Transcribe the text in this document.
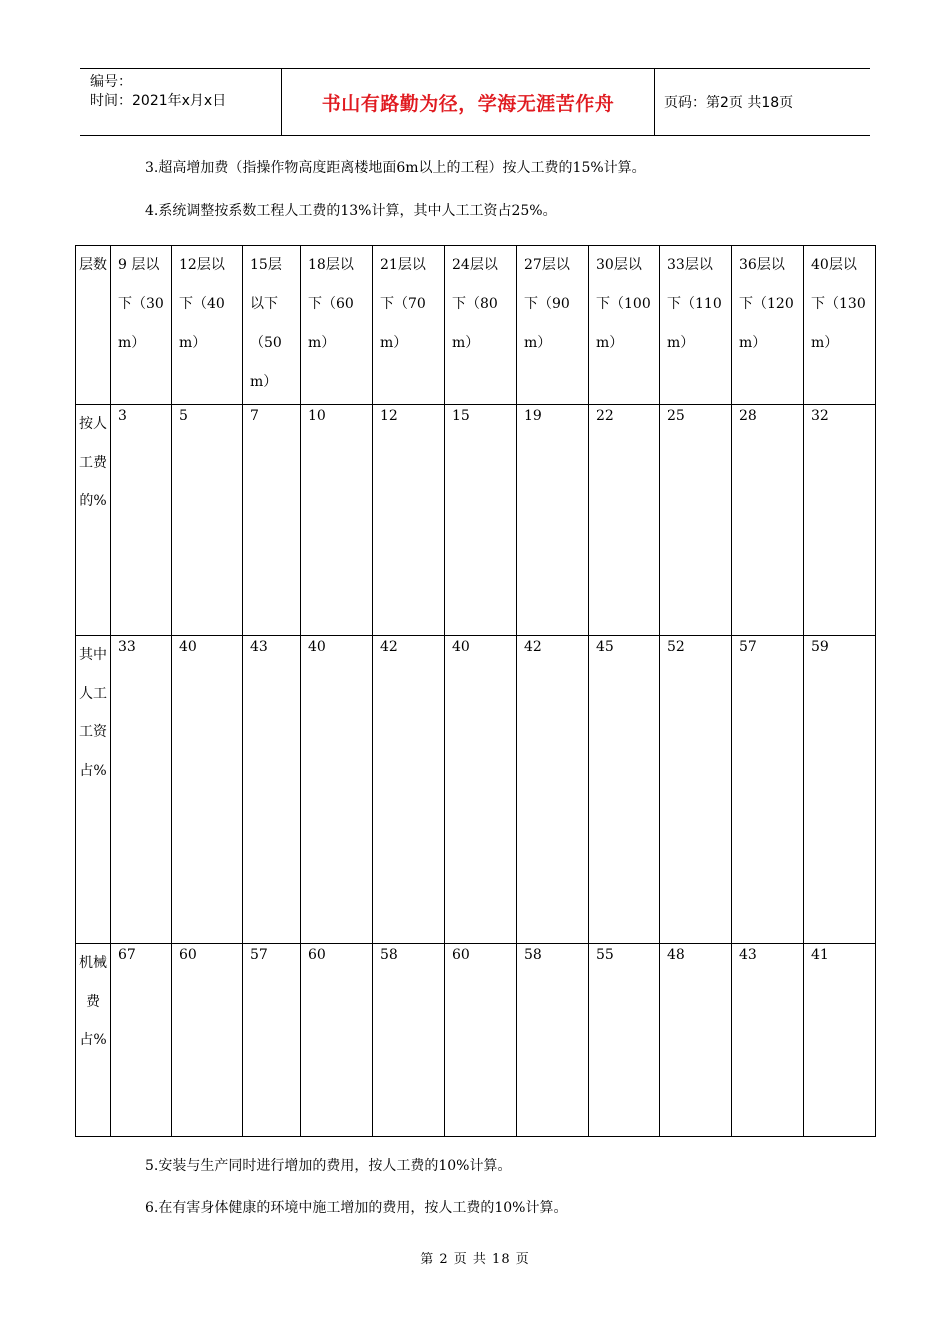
编号：
时间：2021年x月x日	书山有路勤为径，学海无涯苦作舟	页码：第2页 共18页
3.超高增加费（指操作物高度距离楼地面6m以上的工程）按人工费的15%计算。
4.系统调整按系数工程人工费的13%计算，其中人工工资占25%。
层数	9 层以下（30m）	12层以下（40m）	15层以下（50m）	18层以下（60m）	21层以下（70m）	24层以下（80m）	27层以下（90m）	30层以下（100m）	33层以下（110m）	36层以下（120m）	40层以下（130m）
按人工费的%	3	5	7	10	12	15	19	22	25	28	32
其中人工工资占%	33	40	43	40	42	40	42	45	52	57	59
机械费占%	67	60	57	60	58	60	58	55	48	43	41
5.安装与生产同时进行增加的费用，按人工费的10%计算。
6.在有害身体健康的环境中施工增加的费用，按人工费的10%计算。
第 2 页 共 18 页
